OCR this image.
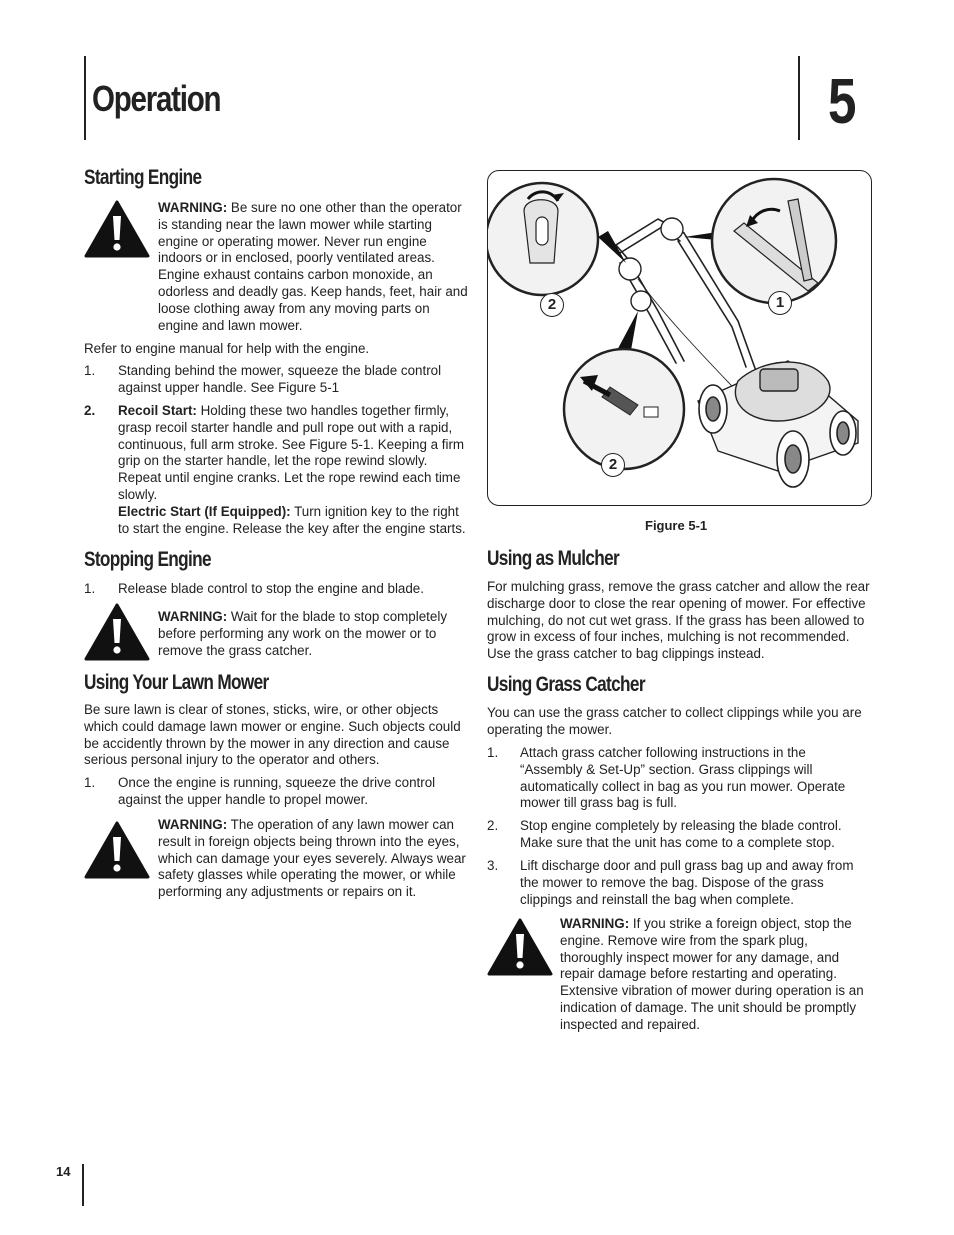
Operation	5
Starting Engine
WARNING: Be sure no one other than the operator is standing near the lawn mower while starting engine or operating mower. Never run engine indoors or in enclosed, poorly ventilated areas. Engine exhaust contains carbon monoxide, an odorless and deadly gas. Keep hands, feet, hair and loose clothing away from any moving parts on engine and lawn mower.
Refer to engine manual for help with the engine.
1. Standing behind the mower, squeeze the blade control against upper handle. See Figure 5-1
2. Recoil Start: Holding these two handles together firmly, grasp recoil starter handle and pull rope out with a rapid, continuous, full arm stroke. See Figure 5-1. Keeping a firm grip on the starter handle, let the rope rewind slowly. Repeat until engine cranks. Let the rope rewind each time slowly.
Electric Start (If Equipped): Turn ignition key to the right to start the engine. Release the key after the engine starts.
Stopping Engine
1. Release blade control to stop the engine and blade.
WARNING: Wait for the blade to stop completely before performing any work on the mower or to remove the grass catcher.
Using Your Lawn Mower
Be sure lawn is clear of stones, sticks, wire, or other objects which could damage lawn mower or engine. Such objects could be accidently thrown by the mower in any direction and cause serious personal injury to the operator and others.
1. Once the engine is running, squeeze the drive control against the upper handle to propel mower.
WARNING: The operation of any lawn mower can result in foreign objects being thrown into the eyes, which can damage your eyes severely. Always wear safety glasses while operating the mower, or while performing any adjustments or repairs on it.
2	1
2
Figure 5-1
Using as Mulcher
For mulching grass, remove the grass catcher and allow the rear discharge door to close the rear opening of mower. For effective mulching, do not cut wet grass. If the grass has been allowed to grow in excess of four inches, mulching is not recommended. Use the grass catcher to bag clippings instead.
Using Grass Catcher
You can use the grass catcher to collect clippings while you are operating the mower.
1. Attach grass catcher following instructions in the “Assembly & Set-Up” section. Grass clippings will automatically collect in bag as you run mower. Operate mower till grass bag is full.
2. Stop engine completely by releasing the blade control. Make sure that the unit has come to a complete stop.
3. Lift discharge door and pull grass bag up and away from the mower to remove the bag. Dispose of the grass clippings and reinstall the bag when complete.
WARNING: If you strike a foreign object, stop the engine. Remove wire from the spark plug, thoroughly inspect mower for any damage, and repair damage before restarting and operating. Extensive vibration of mower during operation is an indication of damage. The unit should be promptly inspected and repaired.
14
